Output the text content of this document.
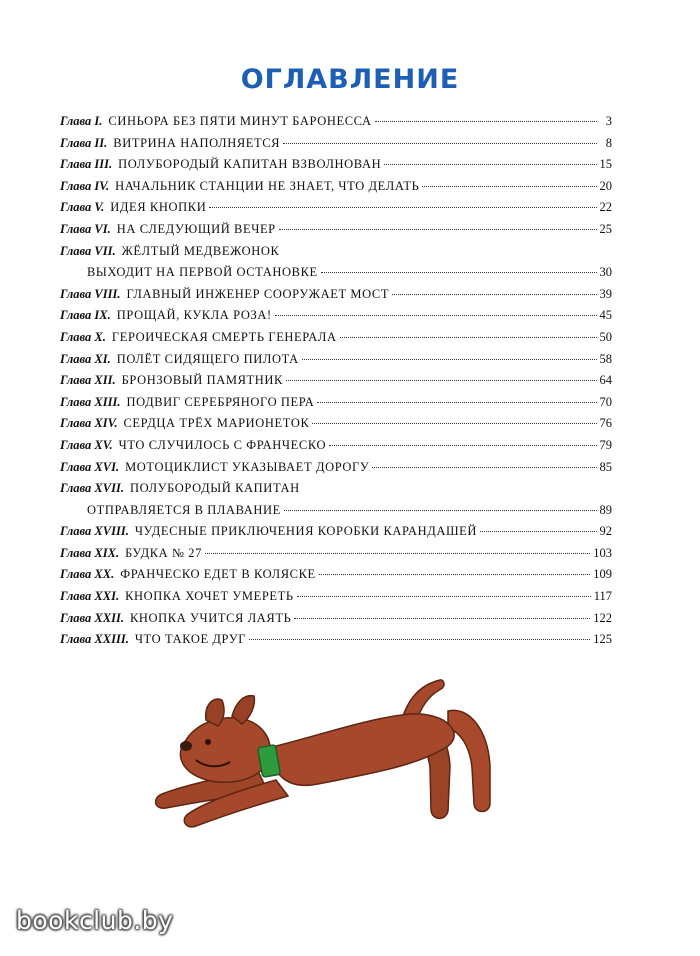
ОГЛАВЛЕНИЕ
Глава I. СИНЬОРА БЕЗ ПЯТИ МИНУТ БАРОНЕССА	3
Глава II. ВИТРИНА НАПОЛНЯЕТСЯ	8
Глава III. ПОЛУБОРОДЫЙ КАПИТАН ВЗВОЛНОВАН	15
Глава IV. НАЧАЛЬНИК СТАНЦИИ НЕ ЗНАЕТ, ЧТО ДЕЛАТЬ	20
Глава V. ИДЕЯ КНОПКИ	22
Глава VI. НА СЛЕДУЮЩИЙ ВЕЧЕР	25
Глава VII. ЖЁЛТЫЙ МЕДВЕЖОНОК
ВЫХОДИТ НА ПЕРВОЙ ОСТАНОВКЕ	30
Глава VIII. ГЛАВНЫЙ ИНЖЕНЕР СООРУЖАЕТ МОСТ	39
Глава IX. ПРОЩАЙ, КУКЛА РОЗА!	45
Глава X. ГЕРОИЧЕСКАЯ СМЕРТЬ ГЕНЕРАЛА	50
Глава XI. ПОЛЁТ СИДЯЩЕГО ПИЛОТА	58
Глава XII. БРОНЗОВЫЙ ПАМЯТНИК	64
Глава XIII. ПОДВИГ СЕРЕБРЯНОГО ПЕРА	70
Глава XIV. СЕРДЦА ТРЁХ МАРИОНЕТОК	76
Глава XV. ЧТО СЛУЧИЛОСЬ С ФРАНЧЕСКО	79
Глава XVI. МОТОЦИКЛИСТ УКАЗЫВАЕТ ДОРОГУ	85
Глава XVII. ПОЛУБОРОДЫЙ КАПИТАН
ОТПРАВЛЯЕТСЯ В ПЛАВАНИЕ	89
Глава XVIII. ЧУДЕСНЫЕ ПРИКЛЮЧЕНИЯ КОРОБКИ КАРАНДАШЕЙ	92
Глава XIX. БУДКА № 27	103
Глава XX. ФРАНЧЕСКО ЕДЕТ В КОЛЯСКЕ	109
Глава XXI. КНОПКА ХОЧЕТ УМЕРЕТЬ	117
Глава XXII. КНОПКА УЧИТСЯ ЛАЯТЬ	122
Глава XXIII. ЧТО ТАКОЕ ДРУГ	125
bookclub.by
